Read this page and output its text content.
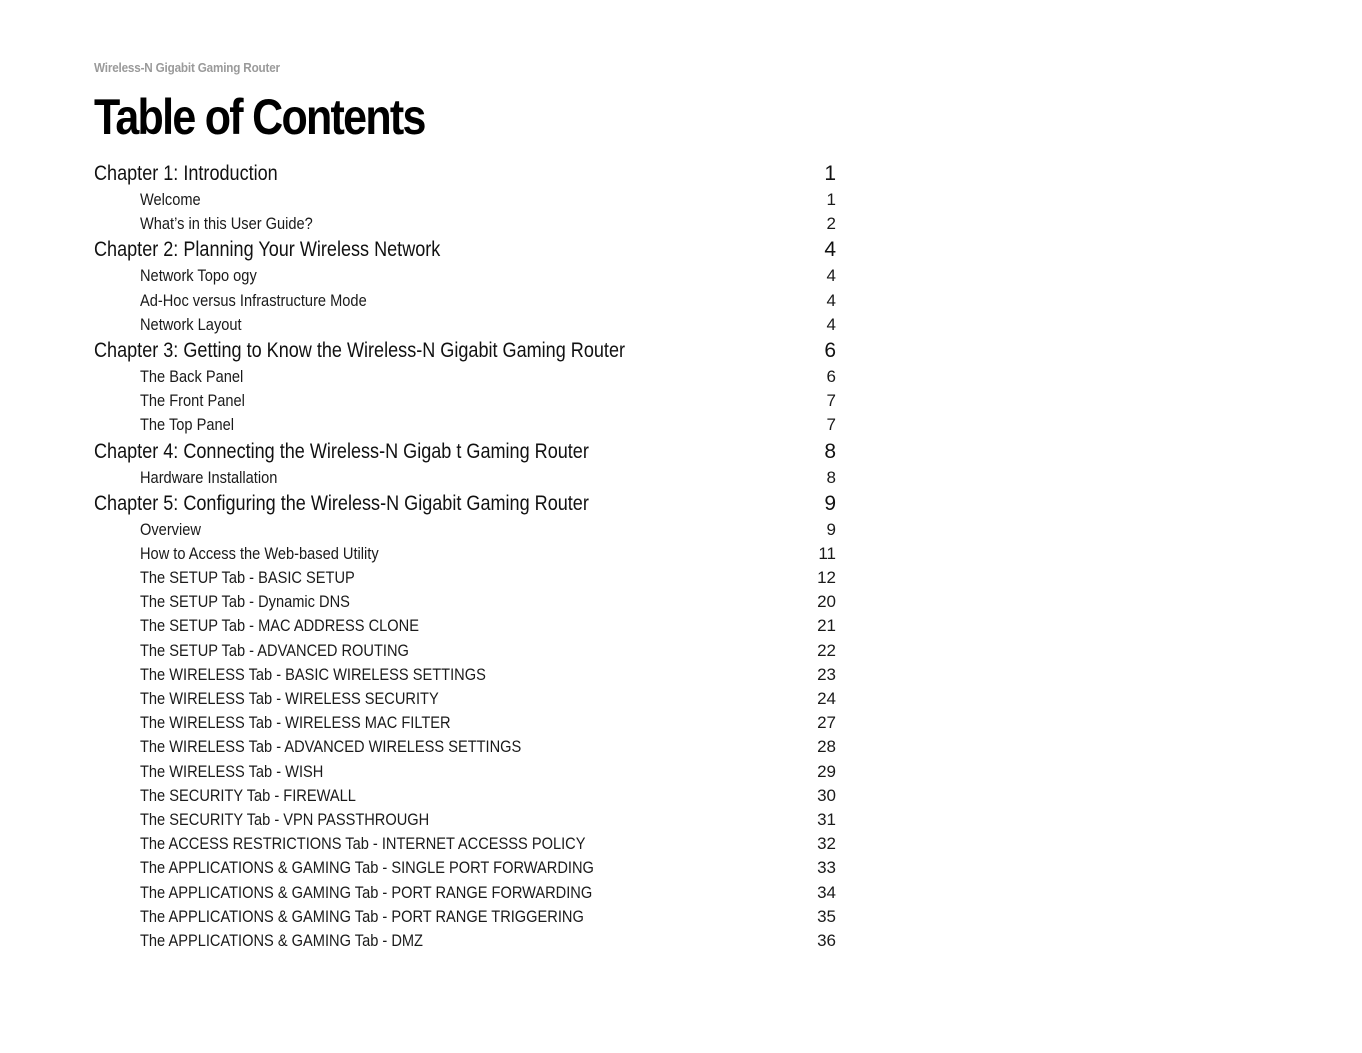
Wireless-N Gigabit Gaming Router
Table of Contents
Chapter 1: Introduction	1
Welcome	1
What’s in this User Guide?	2
Chapter 2: Planning Your Wireless Network	4
Network Topo ogy	4
Ad-Hoc versus Infrastructure Mode	4
Network Layout	4
Chapter 3: Getting to Know the Wireless-N Gigabit Gaming Router	6
The Back Panel	6
The Front Panel	7
The Top Panel	7
Chapter 4: Connecting the Wireless-N Gigab t Gaming Router	8
Hardware Installation	8
Chapter 5: Configuring the Wireless-N Gigabit Gaming Router	9
Overview	9
How to Access the Web-based Utility	11
The SETUP Tab - BASIC SETUP	12
The SETUP Tab - Dynamic DNS	20
The SETUP Tab - MAC ADDRESS CLONE	21
The SETUP Tab - ADVANCED ROUTING	22
The WIRELESS Tab - BASIC WIRELESS SETTINGS	23
The WIRELESS Tab - WIRELESS SECURITY	24
The WIRELESS Tab - WIRELESS MAC FILTER	27
The WIRELESS Tab - ADVANCED WIRELESS SETTINGS	28
The WIRELESS Tab - WISH	29
The SECURITY Tab - FIREWALL	30
The SECURITY Tab - VPN PASSTHROUGH	31
The ACCESS RESTRICTIONS Tab - INTERNET ACCESSS POLICY	32
The APPLICATIONS & GAMING Tab - SINGLE PORT FORWARDING	33
The APPLICATIONS & GAMING Tab - PORT RANGE FORWARDING	34
The APPLICATIONS & GAMING Tab - PORT RANGE TRIGGERING	35
The APPLICATIONS & GAMING Tab - DMZ	36
